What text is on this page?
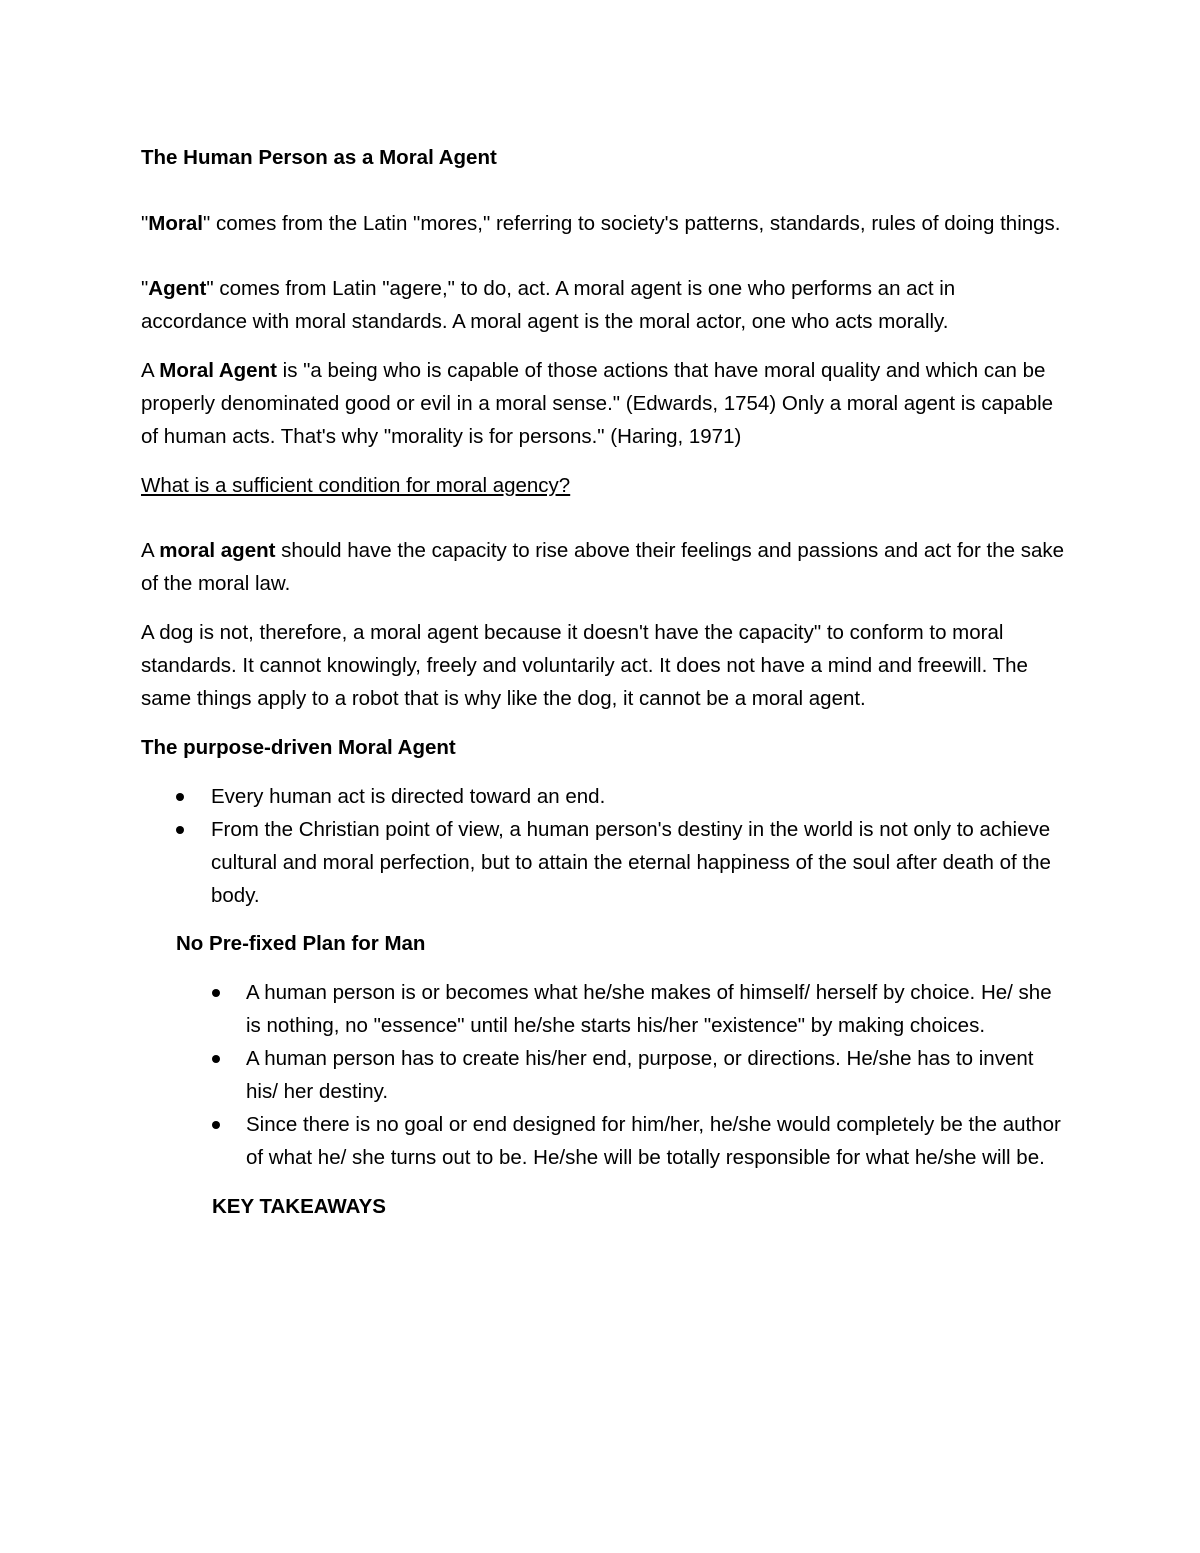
The Human Person as a Moral Agent

"Moral" comes from the Latin "mores," referring to society's patterns, standards, rules of doing things.

"Agent" comes from Latin "agere," to do, act. A moral agent is one who performs an act in accordance with moral standards. A moral agent is the moral actor, one who acts morally.

A Moral Agent is "a being who is capable of those actions that have moral quality and which can be properly denominated good or evil in a moral sense." (Edwards, 1754) Only a moral agent is capable of human acts. That's why "morality is for persons." (Haring, 1971)

What is a sufficient condition for moral agency?

A moral agent should have the capacity to rise above their feelings and passions and act for the sake of the moral law.

A dog is not, therefore, a moral agent because it doesn't have the capacity" to conform to moral standards. It cannot knowingly, freely and voluntarily act. It does not have a mind and freewill. The same things apply to a robot that is why like the dog, it cannot be a moral agent.

The purpose-driven Moral Agent

Every human act is directed toward an end.
From the Christian point of view, a human person's destiny in the world is not only to achieve cultural and moral perfection, but to attain the eternal happiness of the soul after death of the body.

No Pre-fixed Plan for Man

A human person is or becomes what he/she makes of himself/ herself by choice. He/ she is nothing, no "essence" until he/she starts his/her "existence" by making choices.
A human person has to create his/her end, purpose, or directions. He/she has to invent his/ her destiny.
Since there is no goal or end designed for him/her, he/she would completely be the author of what he/ she turns out to be. He/she will be totally responsible for what he/she will be.

KEY TAKEAWAYS
